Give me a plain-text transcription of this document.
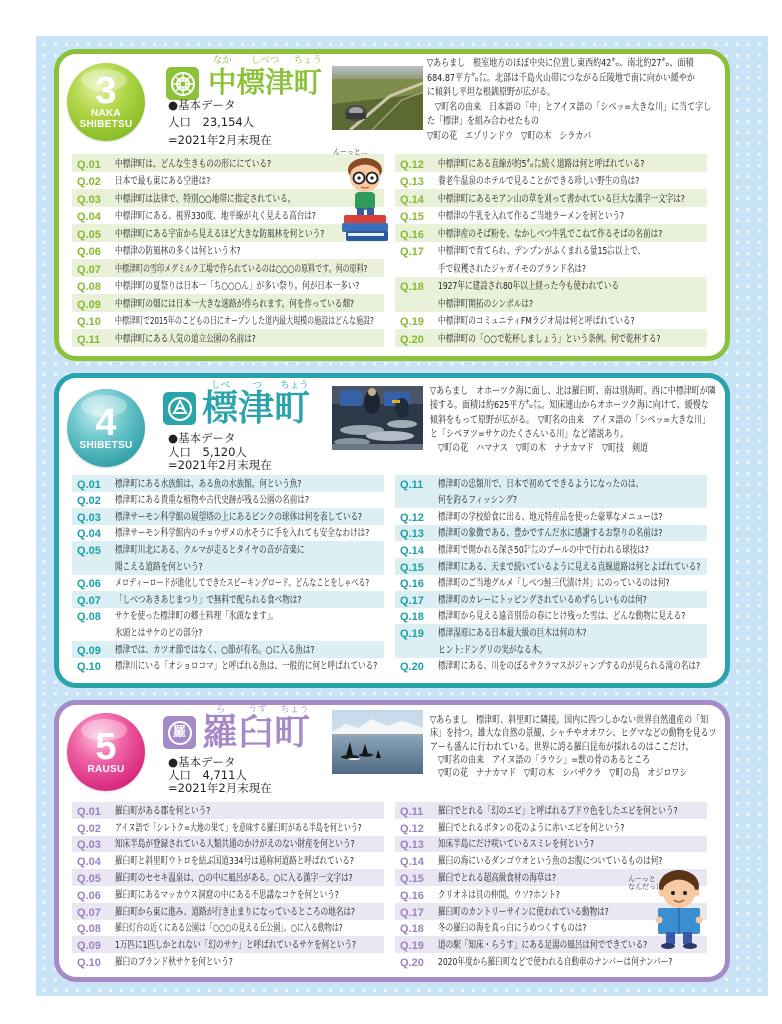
3
NAKA
SHIBETSU
なか	しべつ	ちょう
中標津町
●基本データ
人口　23,154人
=2021年2月末現在
▽あらまし　根室地方のほぼ中央に位置し東西約42㌔、南北約27㌔、面積
684.87平方㌔㍍。北部は千島火山帯につながる丘陵地で南に向かい緩やか
に傾斜し平坦な根釧原野が広がる。
　▽町名の由来　日本語の「中」とアイヌ語の「シベッ=大きな川」に当て字し
た「標津」を組み合わせたもの
▽町の花　エゾリンドウ　▽町の木　シラカバ
Q.01 中標津町は、どんな生きものの形ににている?
Q.02 日本で最も東にある空港は?
Q.03 中標津町は法律で、特別○○地帯に指定されている。
Q.04 中標津町にある、視界330度、地平線が丸く見える高台は?
Q.05 中標津町にある宇宙から見えるほど大きな防風林を何という?
Q.06 中標津の防風林の多くは何という木?
Q.07 中標津町の雪印メグミルク工場で作られているのは○○○の原料です。何の原料?
Q.08 中標津町の夏祭りは日本一「ち○○○ん」が多い祭り。何が日本一多い?
Q.09 中標津町の畑には日本一大きな迷路が作られます。何を作っている畑?
Q.10 中標津町で2015年のこどもの日にオープンした道内最大規模の施設はどんな施設?
Q.11 中標津町にある人気の道立公園の名前は?
Q.12 中標津町にある直線が約5㌔㍍続く道路は何と呼ばれている?
Q.13 養老牛温泉のホテルで見ることができる珍しい野生の鳥は?
Q.14 中標津町にあるモアン山の草を刈って書かれている巨大な漢字一文字は?
Q.15 中標津の牛乳を入れて作るご当地ラーメンを何という?
Q.16 中標津産のそば粉を、なかしべつ牛乳でこねて作るそばの名前は?
Q.17 中標津町で育てられ、デンプンがふくまれる量15㌫以上で、
手で収穫されたジャガイモのブランド名は?
Q.18 1927年に建設され80年以上経った今も使われている
中標津町開拓のシンボルは?
Q.19 中標津町のコミュニティFMラジオ局は何と呼ばれている?
Q.20 中標津町の「○○で乾杯しましょう」という条例。何で乾杯する?
んーっと…
4
SHIBETSU
しべ	つ	ちょう
標津町
●基本データ
人口　5,120人
=2021年2月末現在
▽あらまし　オホーツク海に面し、北は羅臼町、南は別海町。西に中標津町が隣
接する。面積は約625平方㌔㍍。知床連山からオホーツク海に向けて、緩慢な
傾斜をもって原野が広がる。　▽町名の由来　アイヌ語の「シベッ=大きな川」
と「シベヲツ=サケのたくさんいる川」など諸説あり。
　▽町の花　ハマナス　▽町の木　ナナカマド　▽町技　剣道
Q.01 標津町にある水族館は、ある魚の水族館。何という魚?
Q.02 標津町にある貴重な植物や古代史跡が残る公園の名前は?
Q.03 標津サーモン科学館の展望塔の上にあるピンクの球体は何を表している?
Q.04 標津サーモン科学館内のチョウザメの水そうに手を入れても安全なわけは?
Q.05 標津町川北にある、クルマが走るとタイヤの音が音楽に
聞こえる道路を何という?
Q.06 メロディーロードが進化してできたスピーキングロード。どんなことをしゃべる?
Q.07 「しべつあきあじまつり」で無料で配られる食べ物は?
Q.08 サケを使った標津町の郷土料理「氷頭なます」。
氷頭とはサケのどの部分?
Q.09 標津では、カツオ節ではなく、○節が有名。○に入る魚は?
Q.10 標津川にいる「オショロコマ」と呼ばれる魚は、一般的に何と呼ばれている?
Q.11 標津町の忠類川で、日本で初めてできるようになったのは、
何を釣るフィッシング?
Q.12 標津町の学校給食に出る、地元特産品を使った豪華なメニューは?
Q.13 標津町の象徴である、豊かですんだ水に感謝するお祭りの名前は?
Q.14 標津町で開かれる深さ50㌢㍍のプールの中で行われる球技は?
Q.15 標津町にある、天まで続いているように見える直線道路は何とよばれている?
Q.16 標津町のご当地グルメ「しべつ鮭三代漬け丼」にのっているのは何?
Q.17 標津町のカレーにトッピングされているめずらしいものは何?
Q.18 標津町から見える遠音別岳の春にとけ残った雪は、どんな動物に見える?
Q.19 標津湿原にある日本最大級の巨木は何の木?
ヒント:ドングリの実がなる木。
Q.20 標津町にある、川をのぼるサクラマスがジャンプするのが見られる滝の名は?
5
RAUSU
羅
ら	うす	ちょう
羅臼町
●基本データ
人口　4,711人
=2021年2月末現在
▽あらまし　標津町、斜里町に隣接。国内に四つしかない世界自然遺産の「知
床」を持つ。雄大な自然の景観、シャチやオオワシ、ヒグマなどの動物を見るツ
アーも盛んに行われている。世界に誇る羅臼昆布が採れるのはここだけ。
　▽町名の由来　アイヌ語の「ラウシ」=獣の骨のあるところ
　▽町の花　ナナカマド　▽町の木　シバザクラ　▽町の鳥　オジロワシ
Q.01 羅臼町がある郡を何という?
Q.02 アイヌ語で「シレトク=大地の果て」を意味する羅臼町がある半島を何という?
Q.03 知床半島が登録されている人類共通のかけがえのない財産を何という?
Q.04 羅臼町と斜里町ウトロを結ぶ国道334号は通称何道路と呼ばれている?
Q.05 羅臼町のセセキ温泉は、○の中に風呂がある。○に入る漢字一文字は?
Q.06 羅臼町にあるマッカウス洞窟の中にある不思議なコケを何という?
Q.07 羅臼町から東に進み、道路が行き止まりになっているところの地名は?
Q.08 羅臼灯台の近くにある公園は「○○○の見える丘公園」。○に入る動物は?
Q.09 1万匹に1匹しかとれない「幻のサケ」と呼ばれているサケを何という?
Q.10 羅臼のブランド秋サケを何という?
Q.11 羅臼でとれる「幻のエビ」と呼ばれるブドウ色をしたエビを何という?
Q.12 羅臼でとれるボタンの花のように赤いエビを何という?
Q.13 知床半島にだけ咲いているスミレを何という?
Q.14 羅臼の海にいるダンゴウオという魚のお腹についているものは何?
Q.15 羅臼でとれる超高級食材の海草は?
Q.16 クリオネは貝の仲間。ウソ?ホント?
Q.17 羅臼町のカントリーサインに使われている動物は?
Q.18 冬の羅臼の海を真っ白にうめつくすものは?
Q.19 道の駅「知床・らうす」にある足湯の風呂は何でできている?
Q.20 2020年度から羅臼町などで使われる自動車のナンバーは何ナンバー?
んーっと
なんだっけ
